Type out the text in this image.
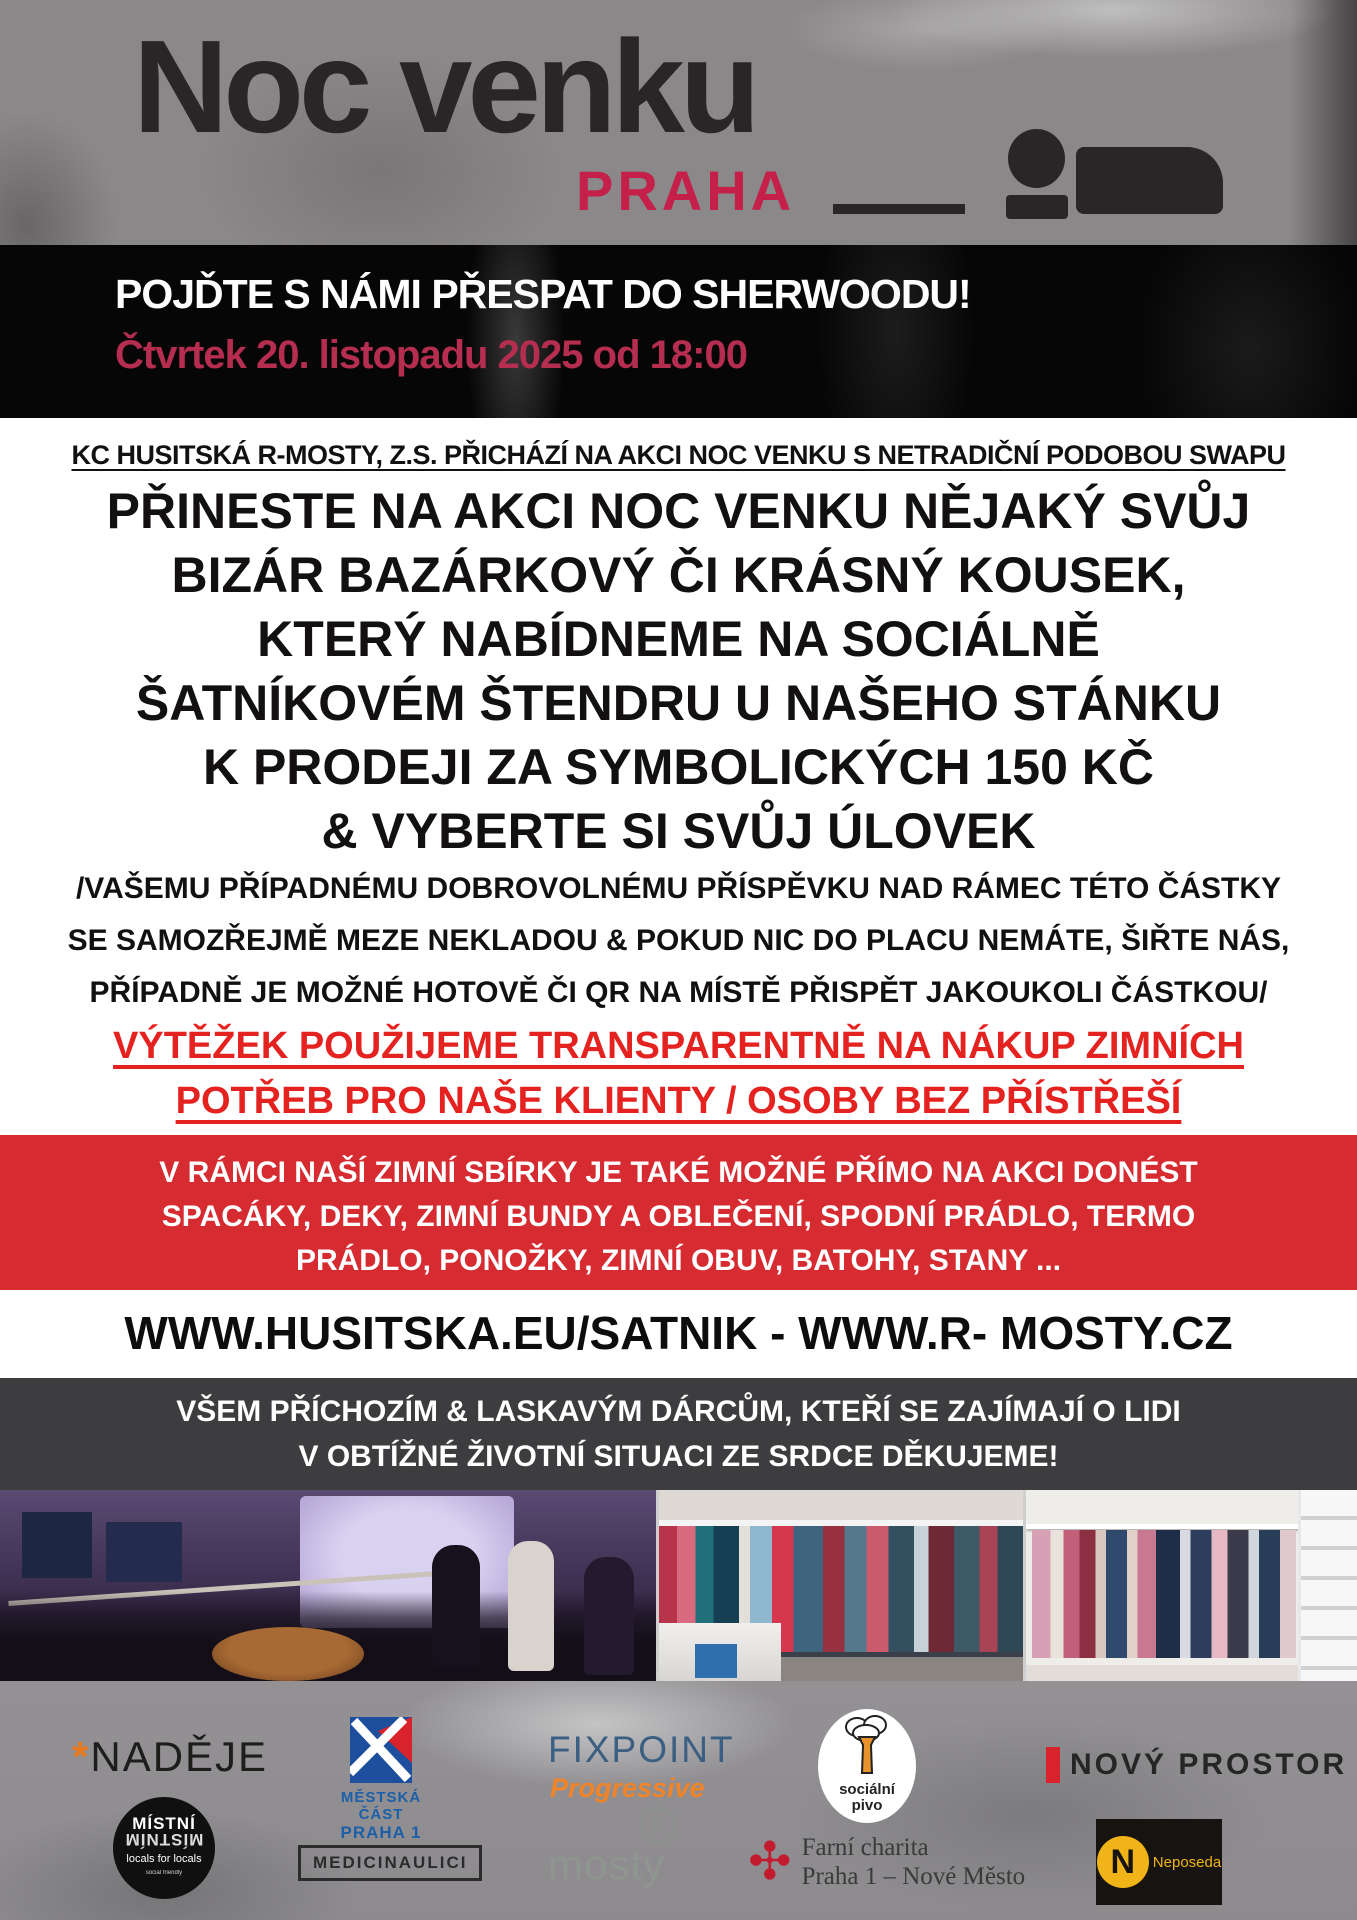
Noc venku
PRAHA
POJĎTE S NÁMI PŘESPAT DO SHERWOODU!
Čtvrtek 20. listopadu 2025 od 18:00
KC HUSITSKÁ R-MOSTY, Z.S. PŘICHÁZÍ NA AKCI NOC VENKU S NETRADIČNÍ PODOBOU SWAPU
PŘINESTE NA AKCI NOC VENKU NĚJAKÝ SVŮJ
BIZÁR BAZÁRKOVÝ ČI KRÁSNÝ KOUSEK,
KTERÝ NABÍDNEME NA SOCIÁLNĚ
ŠATNÍKOVÉM ŠTENDRU U NAŠEHO STÁNKU
K PRODEJI ZA SYMBOLICKÝCH 150 KČ
& VYBERTE SI SVŮJ ÚLOVEK
/VAŠEMU PŘÍPADNÉMU DOBROVOLNÉMU PŘÍSPĚVKU NAD RÁMEC TÉTO ČÁSTKY
SE SAMOZŘEJMĚ MEZE NEKLADOU & POKUD NIC DO PLACU NEMÁTE, ŠIŘTE NÁS,
PŘÍPADNĚ JE MOŽNÉ HOTOVĚ ČI QR NA MÍSTĚ PŘISPĚT JAKOUKOLI ČÁSTKOU/
VÝTĚŽEK POUŽIJEME TRANSPARENTNĚ NA NÁKUP ZIMNÍCH
POTŘEB PRO NAŠE KLIENTY / OSOBY BEZ PŘÍSTŘEŠÍ
V RÁMCI NAŠÍ ZIMNÍ SBÍRKY JE TAKÉ MOŽNÉ PŘÍMO NA AKCI DONÉST
SPACÁKY, DEKY, ZIMNÍ BUNDY A OBLEČENÍ, SPODNÍ PRÁDLO, TERMO
PRÁDLO, PONOŽKY, ZIMNÍ OBUV, BATOHY, STANY ...
WWW.HUSITSKA.EU/SATNIK - WWW.R- MOSTY.CZ
VŠEM PŘÍCHOZÍM & LASKAVÝM DÁRCŮM, KTEŘÍ SE ZAJÍMAJÍ O LIDI
V OBTÍŽNÉ ŽIVOTNÍ SITUACI ZE SRDCE DĚKUJEME!
*NADĚJE
MĚSTSKÁ ČÁST
PRAHA 1
FIXPOINT
Progressive	sociální
pivo
NOVÝ PROSTOR
MÍSTNÍ
MÍSTNÍM
locals for locals
social friendly
MEDICINAULICI
R
mosty ✣ Farní charita
Praha 1 – Nové Město	N	Neposeda
